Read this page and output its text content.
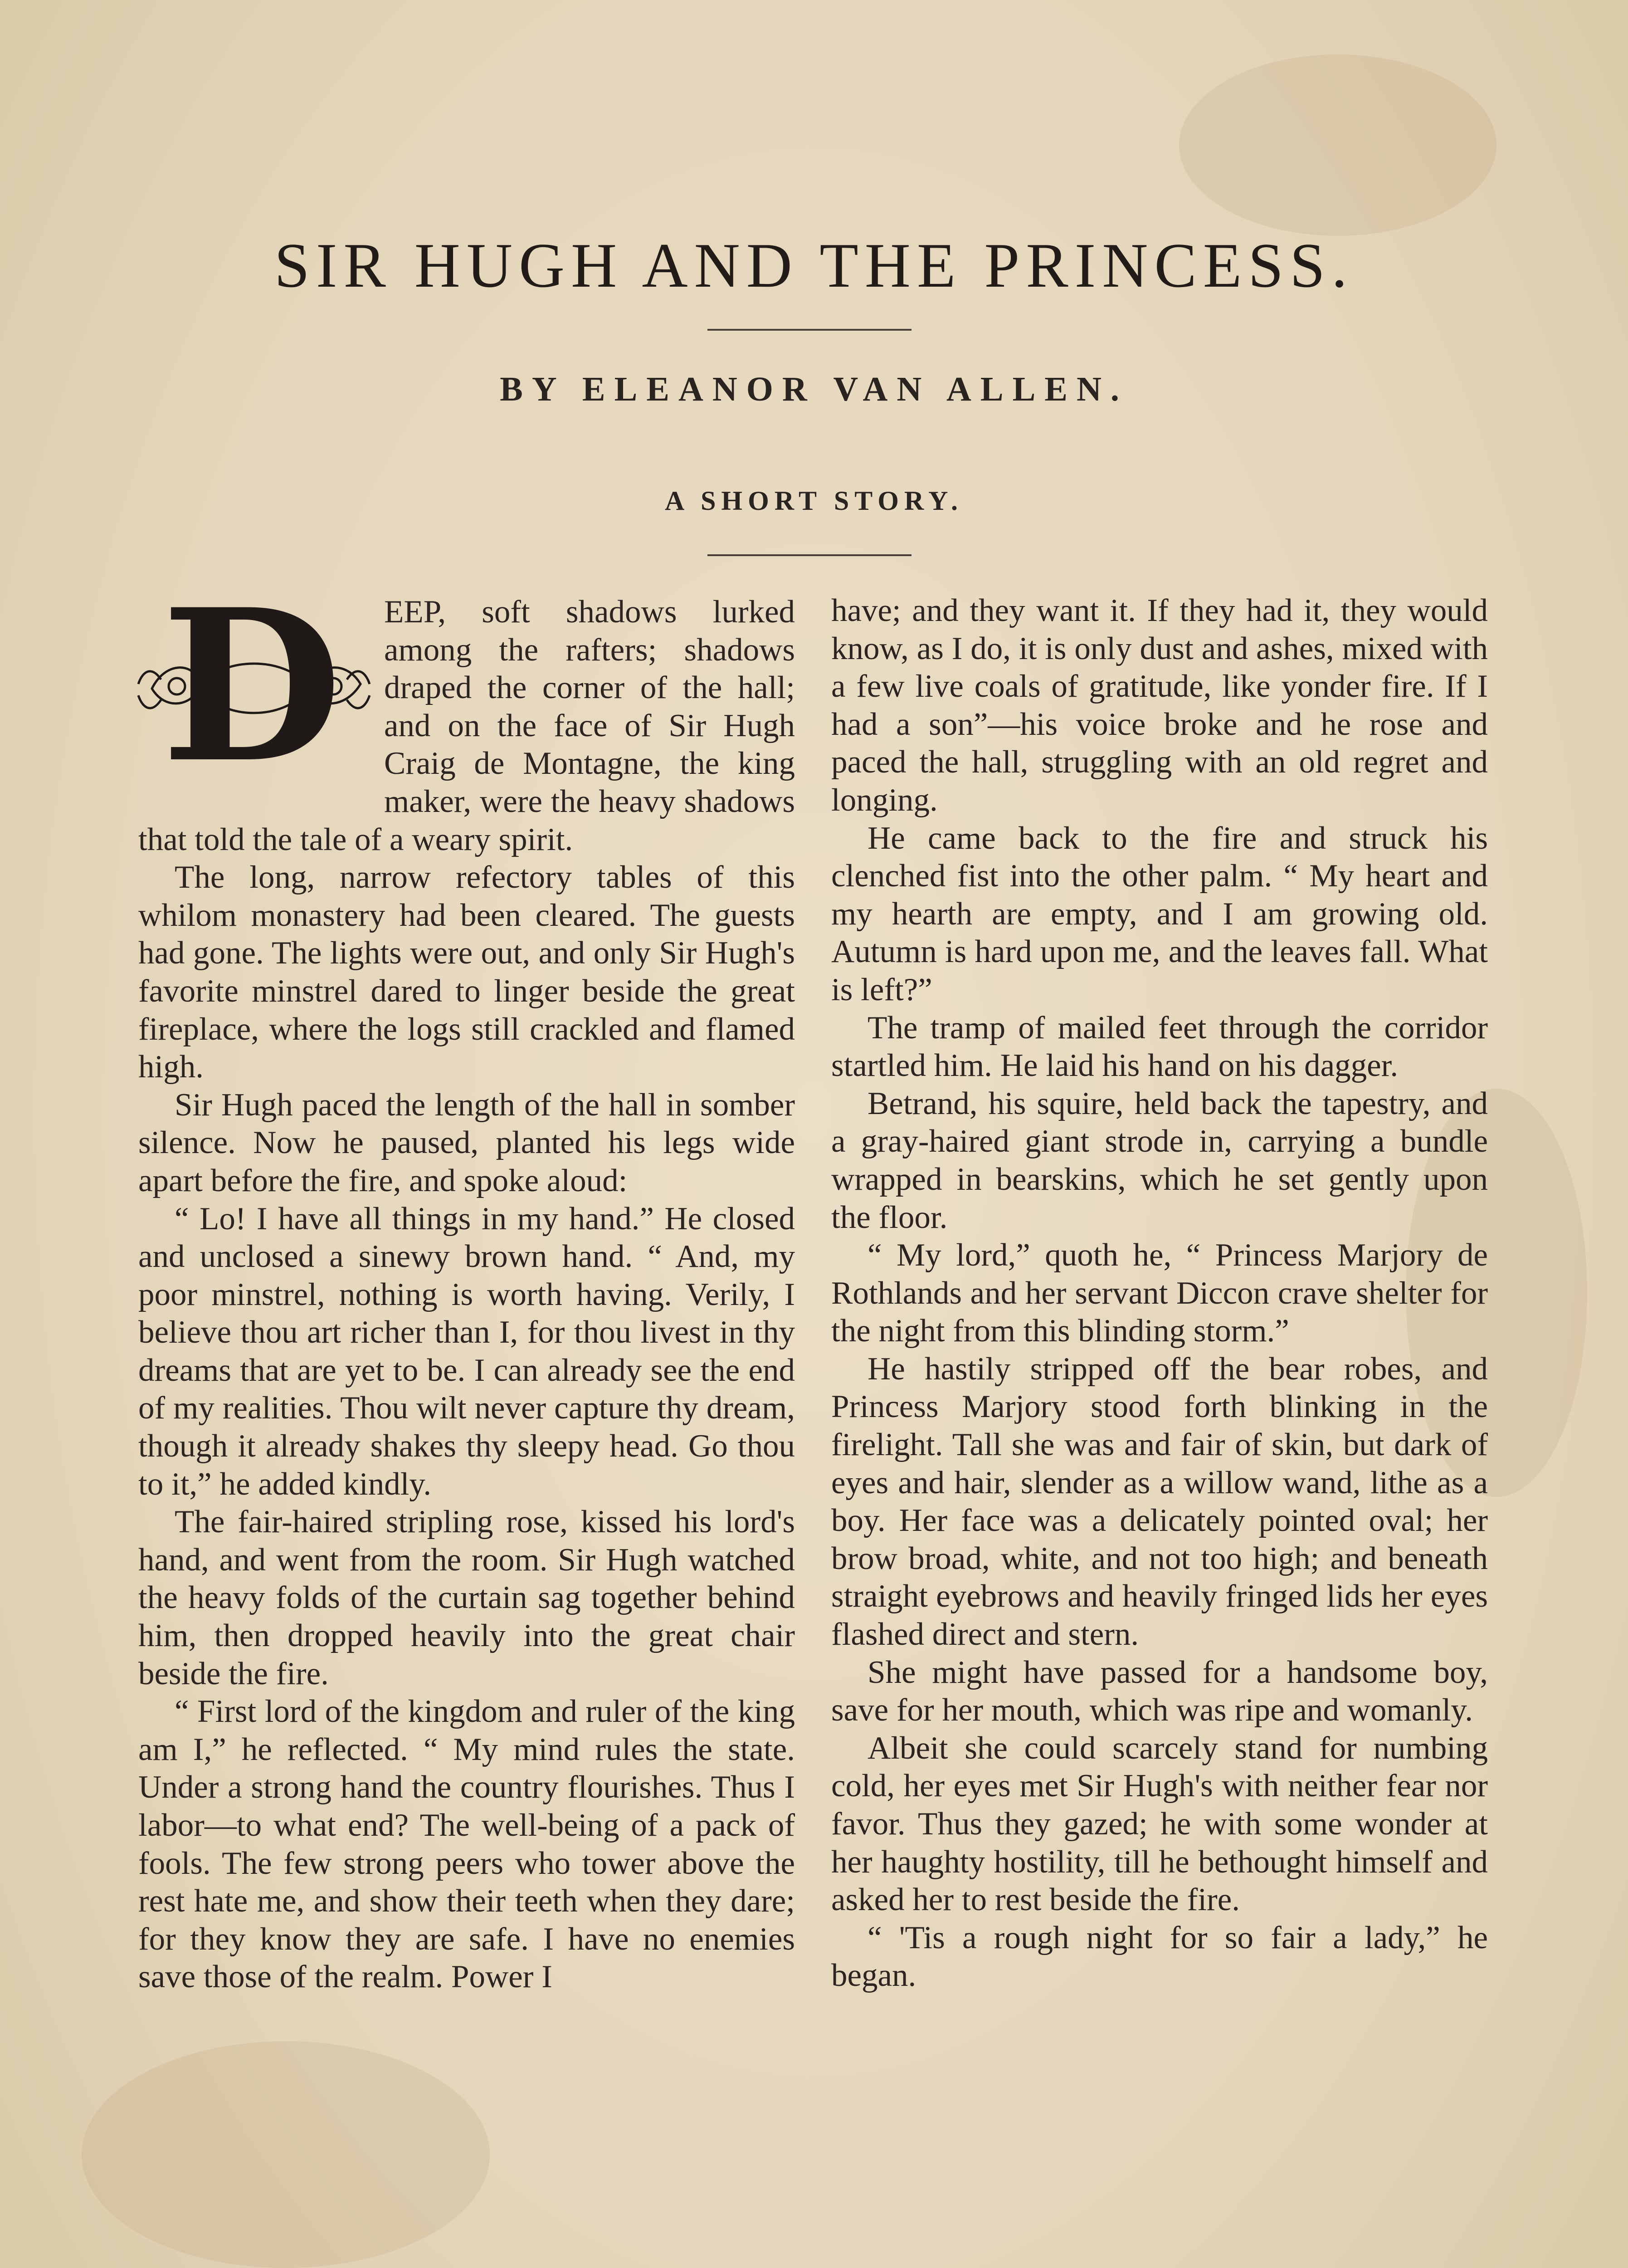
SIR HUGH AND THE PRINCESS.
BY ELEANOR VAN ALLEN.
A SHORT STORY.

D EEP, soft shadows lurked among the rafters; shadows draped the corner of the hall; and on the face of Sir Hugh Craig de Montagne, the king maker, were the heavy shadows that told the tale of a weary spirit.

The long, narrow refectory tables of this whilom monastery had been cleared. The guests had gone. The lights were out, and only Sir Hugh's favorite minstrel dared to linger beside the great fireplace, where the logs still crackled and flamed high.

Sir Hugh paced the length of the hall in somber silence. Now he paused, planted his legs wide apart before the fire, and spoke aloud:

“ Lo! I have all things in my hand.” He closed and unclosed a sinewy brown hand. “ And, my poor minstrel, nothing is worth having. Verily, I believe thou art richer than I, for thou livest in thy dreams that are yet to be. I can already see the end of my realities. Thou wilt never capture thy dream, though it already shakes thy sleepy head. Go thou to it,” he added kindly.

The fair-haired stripling rose, kissed his lord's hand, and went from the room. Sir Hugh watched the heavy folds of the curtain sag together behind him, then dropped heavily into the great chair beside the fire.

“ First lord of the kingdom and ruler of the king am I,” he reflected. “ My mind rules the state. Under a strong hand the country flourishes. Thus I labor—to what end? The well-being of a pack of fools. The few strong peers who tower above the rest hate me, and show their teeth when they dare; for they know they are safe. I have no enemies save those of the realm. Power I

have; and they want it. If they had it, they would know, as I do, it is only dust and ashes, mixed with a few live coals of gratitude, like yonder fire. If I had a son”—his voice broke and he rose and paced the hall, struggling with an old regret and longing.

He came back to the fire and struck his clenched fist into the other palm. “ My heart and my hearth are empty, and I am growing old. Autumn is hard upon me, and the leaves fall. What is left?”

The tramp of mailed feet through the corridor startled him. He laid his hand on his dagger.

Betrand, his squire, held back the tapestry, and a gray-haired giant strode in, carrying a bundle wrapped in bearskins, which he set gently upon the floor.

“ My lord,” quoth he, “ Princess Marjory de Rothlands and her servant Diccon crave shelter for the night from this blinding storm.”

He hastily stripped off the bear robes, and Princess Marjory stood forth blinking in the firelight. Tall she was and fair of skin, but dark of eyes and hair, slender as a willow wand, lithe as a boy. Her face was a delicately pointed oval; her brow broad, white, and not too high; and beneath straight eyebrows and heavily fringed lids her eyes flashed direct and stern.

She might have passed for a handsome boy, save for her mouth, which was ripe and womanly.

Albeit she could scarcely stand for numbing cold, her eyes met Sir Hugh's with neither fear nor favor. Thus they gazed; he with some wonder at her haughty hostility, till he bethought himself and asked her to rest beside the fire.

“ 'Tis a rough night for so fair a lady,” he began.
